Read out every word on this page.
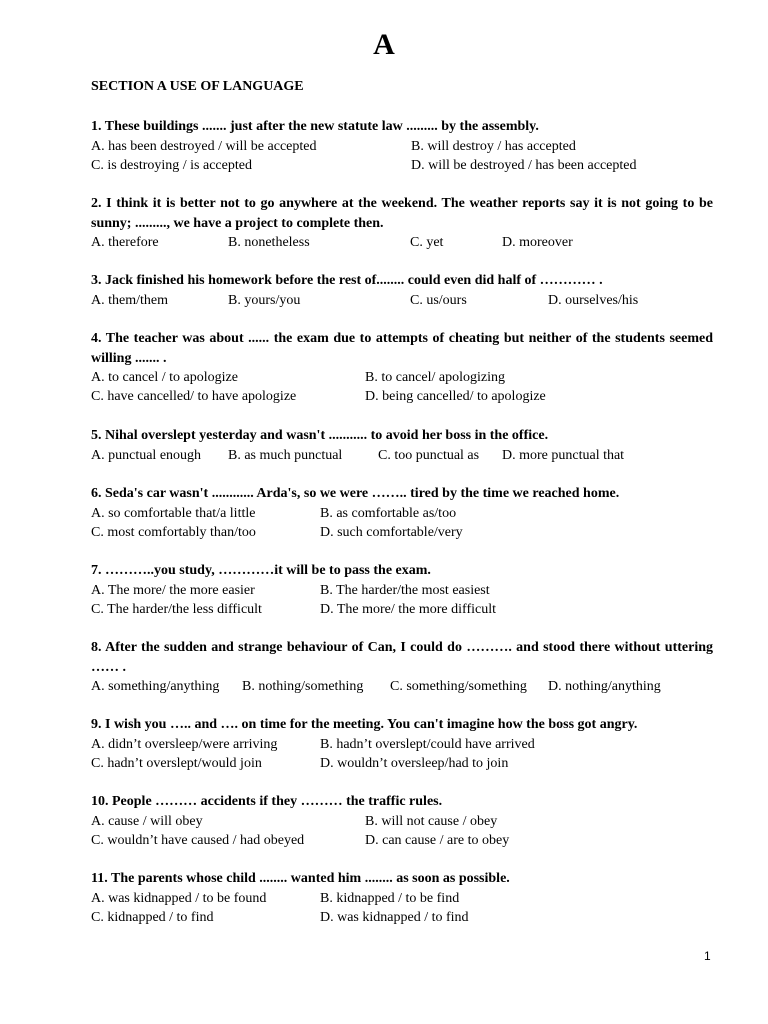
A
SECTION A USE OF LANGUAGE

1. These buildings ....... just after the new statute law ......... by the assembly.

A. has been destroyed / will be accepted	B. will destroy / has accepted
C. is destroying / is accepted	D. will be destroyed / has been accepted

2. I think it is better not to go anywhere at the weekend. The weather reports say it is not going to be sunny; ........., we have a project to complete then.

A. therefore	B. nonetheless	C. yet	D. moreover

3. Jack finished his homework before the rest of........ could even did half of ………… .

A. them/them	B. yours/you	C. us/ours	D. ourselves/his

4. The teacher was about ...... the exam due to attempts of cheating but neither of the students seemed willing ....... .

A. to cancel / to apologize	B. to cancel/ apologizing
C. have cancelled/ to have apologize	D. being cancelled/ to apologize

5. Nihal overslept yesterday and wasn't ........... to avoid her boss in the office.

A. punctual enough B. as much punctual	C. too punctual as D. more punctual that

6. Seda's car wasn't ............ Arda's, so we were …….. tired by the time we reached home.

A. so comfortable that/a little	B. as comfortable as/too
C. most comfortably than/too	D. such comfortable/very

7. ………..you study, …………it will be to pass the exam.

A. The more/ the more easier	B. The harder/the most easiest
C. The harder/the less difficult	D. The more/ the more difficult

8. After the sudden and strange behaviour of Can, I could do ………. and stood there without uttering …… .

A. something/anything B. nothing/something C. something/something D. nothing/anything

9. I wish you ….. and …. on time for the meeting. You can't imagine how the boss got angry.

A. didn’t oversleep/were arriving	B. hadn’t overslept/could have arrived
C. hadn’t overslept/would join	D. wouldn’t oversleep/had to join

10. People ……… accidents if they ……… the traffic rules.

A. cause / will obey	B. will not cause / obey
C. wouldn’t have caused / had obeyed	D. can cause / are to obey

11. The parents whose child ........ wanted him ........ as soon as possible.

A. was kidnapped / to be found	B. kidnapped / to be find
C. kidnapped / to find	D. was kidnapped / to find
1
